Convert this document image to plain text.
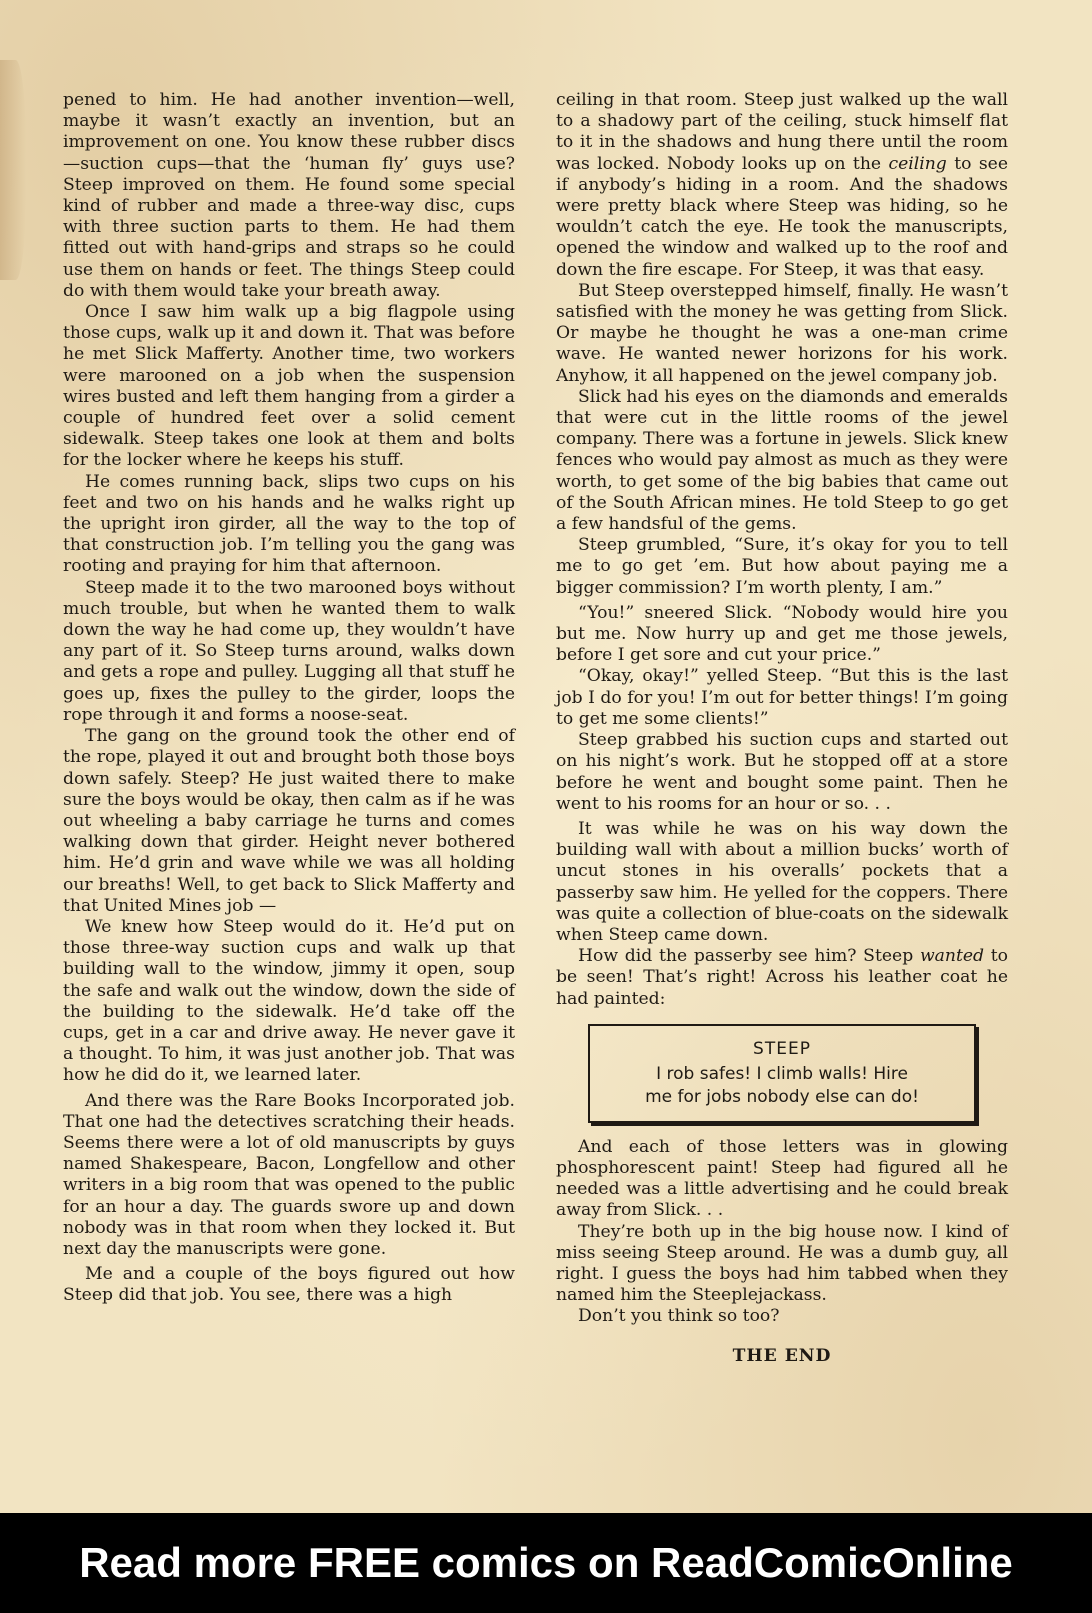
pened to him. He had another invention—well, maybe it wasn’t exactly an invention, but an improvement on one. You know these rubber discs—suction cups—that the ‘human fly’ guys use? Steep improved on them. He found some special kind of rubber and made a three-way disc, cups with three suction parts to them. He had them fitted out with hand-grips and straps so he could use them on hands or feet. The things Steep could do with them would take your breath away.

Once I saw him walk up a big flagpole using those cups, walk up it and down it. That was before he met Slick Mafferty. Another time, two workers were marooned on a job when the suspension wires busted and left them hanging from a girder a couple of hundred feet over a solid cement sidewalk. Steep takes one look at them and bolts for the locker where he keeps his stuff.

He comes running back, slips two cups on his feet and two on his hands and he walks right up the upright iron girder, all the way to the top of that construction job. I’m telling you the gang was rooting and praying for him that afternoon.

Steep made it to the two marooned boys without much trouble, but when he wanted them to walk down the way he had come up, they wouldn’t have any part of it. So Steep turns around, walks down and gets a rope and pulley. Lugging all that stuff he goes up, fixes the pulley to the girder, loops the rope through it and forms a noose-seat.

The gang on the ground took the other end of the rope, played it out and brought both those boys down safely. Steep? He just waited there to make sure the boys would be okay, then calm as if he was out wheeling a baby carriage he turns and comes walking down that girder. Height never bothered him. He’d grin and wave while we was all holding our breaths! Well, to get back to Slick Mafferty and that United Mines job —

We knew how Steep would do it. He’d put on those three-way suction cups and walk up that building wall to the window, jimmy it open, soup the safe and walk out the window, down the side of the building to the sidewalk. He’d take off the cups, get in a car and drive away. He never gave it a thought. To him, it was just another job. That was how he did do it, we learned later.

And there was the Rare Books Incorporated job. That one had the detectives scratching their heads. Seems there were a lot of old manuscripts by guys named Shakespeare, Bacon, Longfellow and other writers in a big room that was opened to the public for an hour a day. The guards swore up and down nobody was in that room when they locked it. But next day the manuscripts were gone.

Me and a couple of the boys figured out how Steep did that job. You see, there was a high

ceiling in that room. Steep just walked up the wall to a shadowy part of the ceiling, stuck himself flat to it in the shadows and hung there until the room was locked. Nobody looks up on the ceiling to see if anybody’s hiding in a room. And the shadows were pretty black where Steep was hiding, so he wouldn’t catch the eye. He took the manuscripts, opened the window and walked up to the roof and down the fire escape. For Steep, it was that easy.

But Steep overstepped himself, finally. He wasn’t satisfied with the money he was getting from Slick. Or maybe he thought he was a one-man crime wave. He wanted newer horizons for his work. Anyhow, it all happened on the jewel company job.

Slick had his eyes on the diamonds and emeralds that were cut in the little rooms of the jewel company. There was a fortune in jewels. Slick knew fences who would pay almost as much as they were worth, to get some of the big babies that came out of the South African mines. He told Steep to go get a few handsful of the gems.

Steep grumbled, “Sure, it’s okay for you to tell me to go get ’em. But how about paying me a bigger commission? I’m worth plenty, I am.”

“You!” sneered Slick. “Nobody would hire you but me. Now hurry up and get me those jewels, before I get sore and cut your price.”

“Okay, okay!” yelled Steep. “But this is the last job I do for you! I’m out for better things! I’m going to get me some clients!”

Steep grabbed his suction cups and started out on his night’s work. But he stopped off at a store before he went and bought some paint. Then he went to his rooms for an hour or so. . .

It was while he was on his way down the building wall with about a million bucks’ worth of uncut stones in his overalls’ pockets that a passerby saw him. He yelled for the coppers. There was quite a collection of blue-coats on the sidewalk when Steep came down.

How did the passerby see him? Steep wanted to be seen! That’s right! Across his leather coat he had painted:

STEEP
I rob safes! I climb walls! Hire
me for jobs nobody else can do!

And each of those letters was in glowing phosphorescent paint! Steep had figured all he needed was a little advertising and he could break away from Slick. . .

They’re both up in the big house now. I kind of miss seeing Steep around. He was a dumb guy, all right. I guess the boys had him tabbed when they named him the Steeplejackass.

Don’t you think so too?

THE END
Read more FREE comics on ReadComicOnline
